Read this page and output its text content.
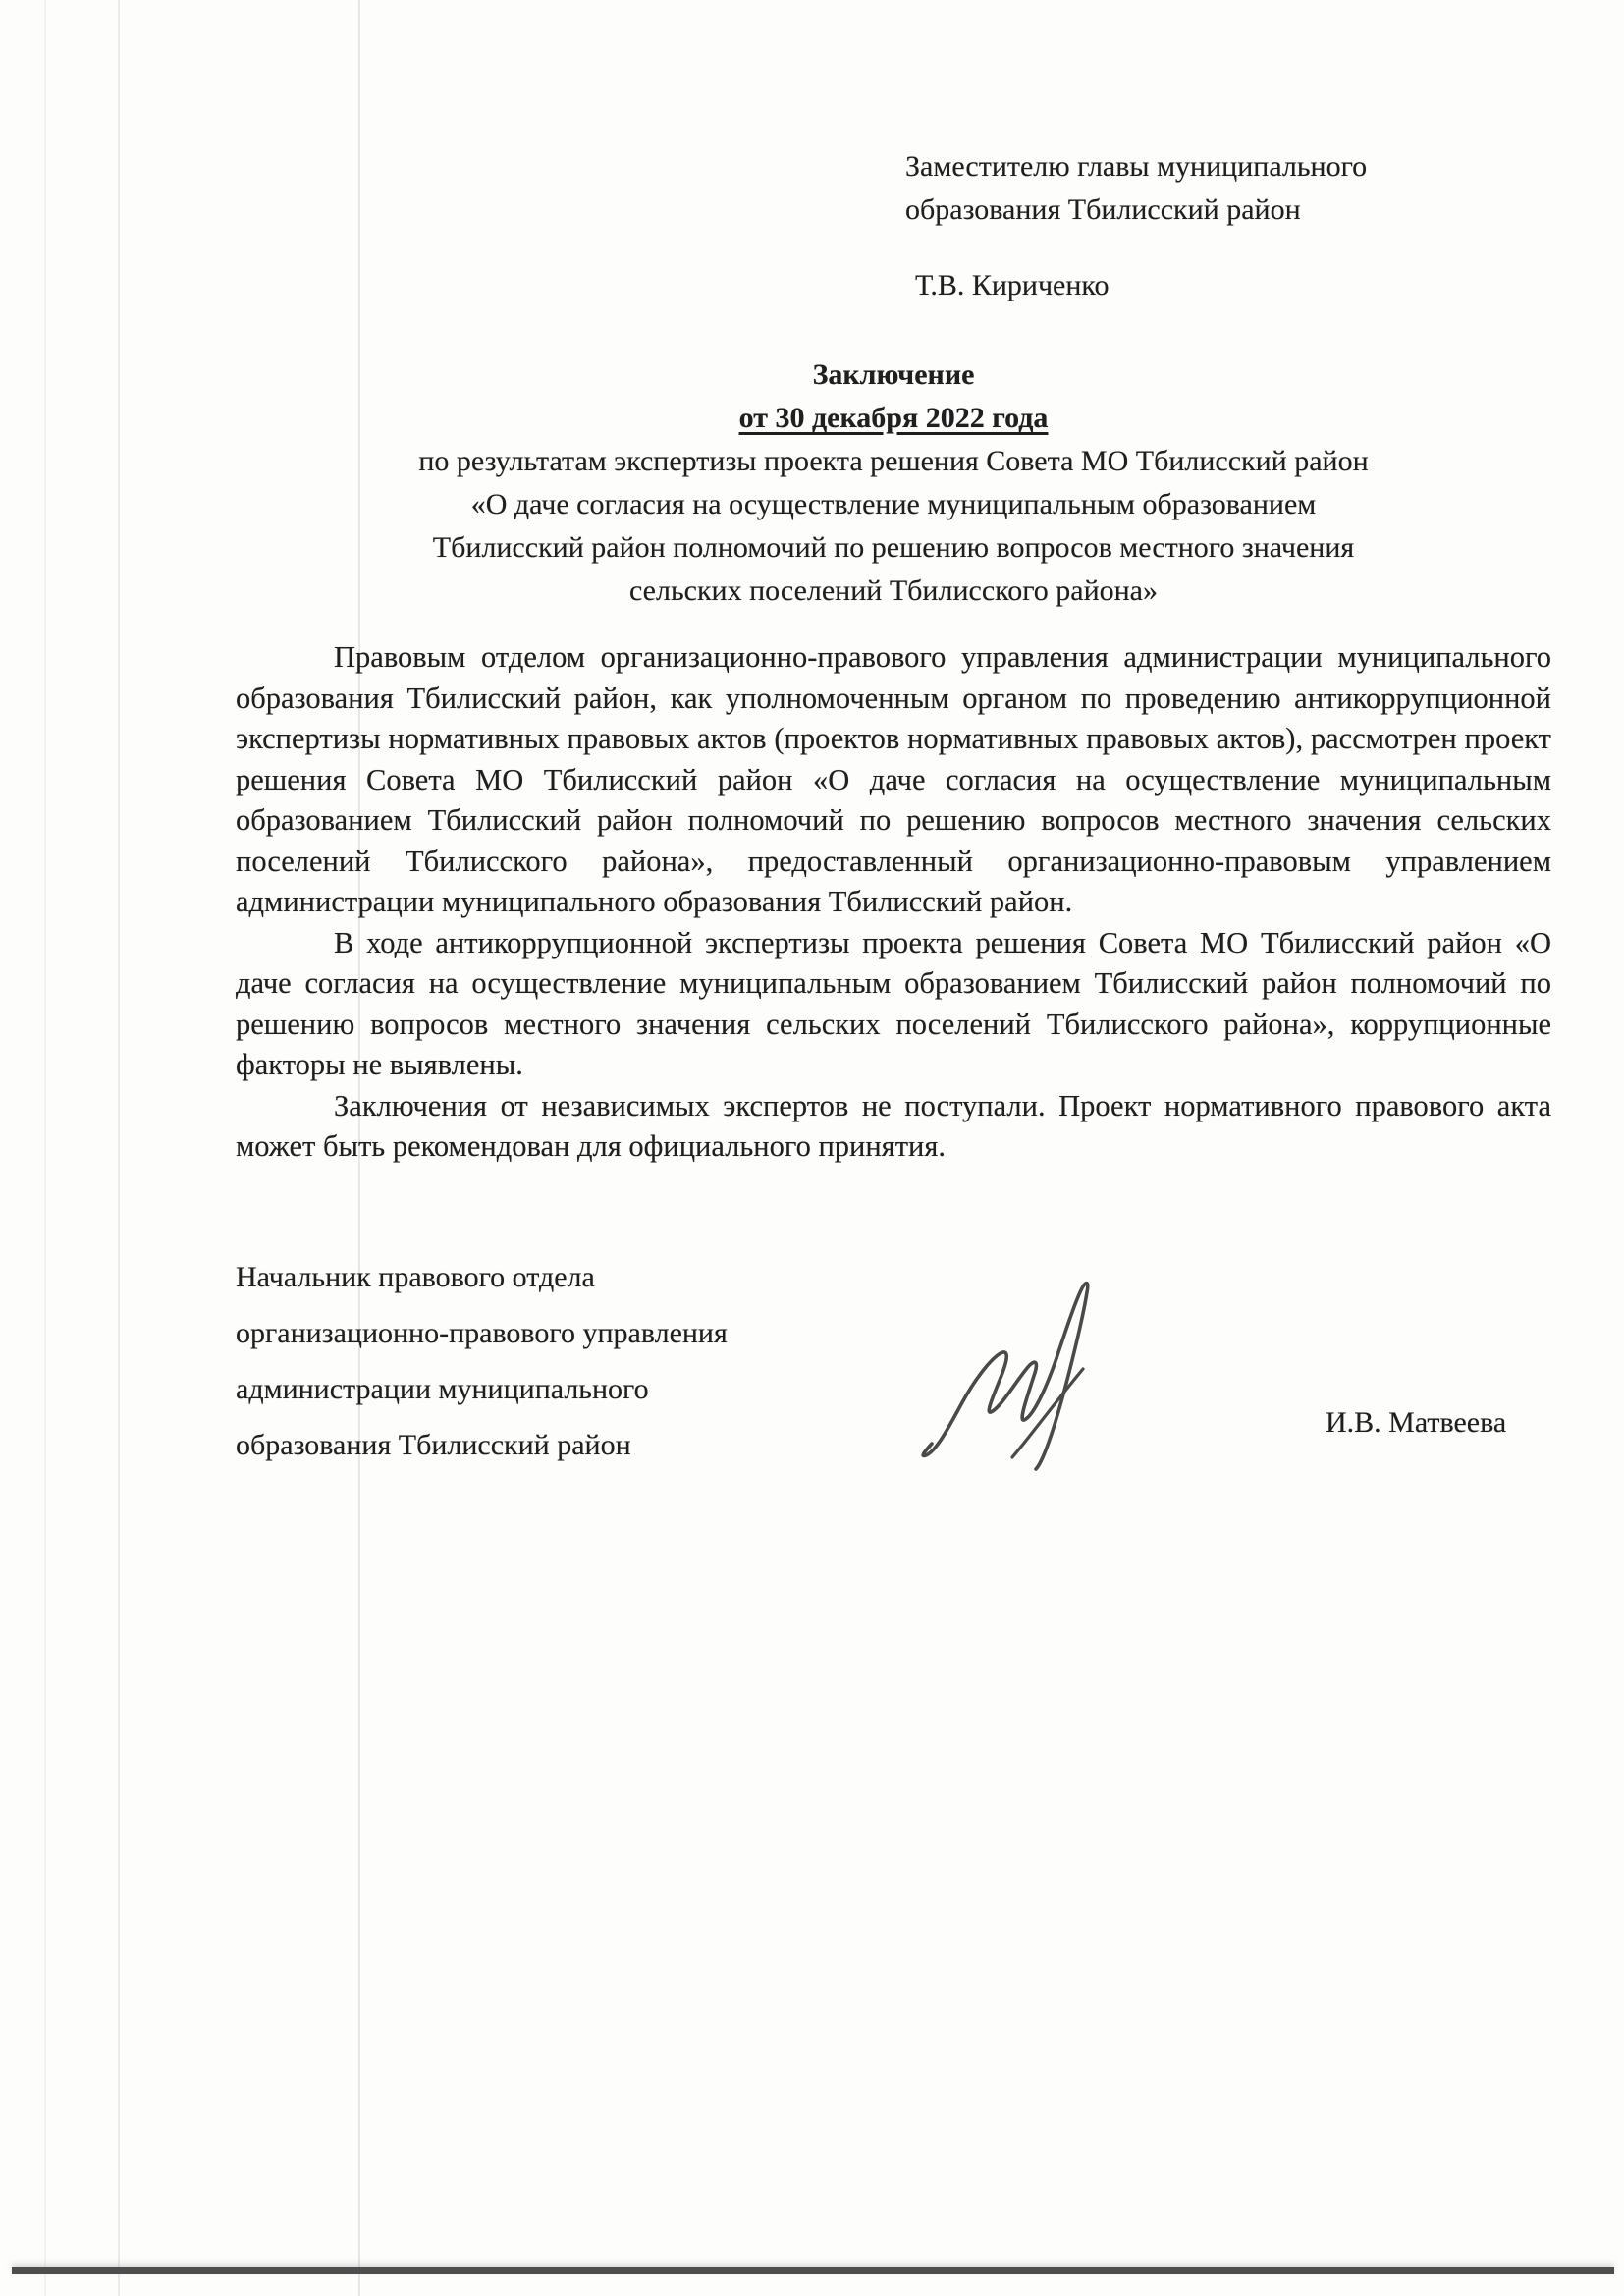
Заместителю главы муниципального
образования Тбилисский район
Т.В. Кириченко
Заключение
от 30 декабря 2022 года
по результатам экспертизы проекта решения Совета МО Тбилисский район
«О даче согласия на осуществление муниципальным образованием
Тбилисский район полномочий по решению вопросов местного значения
сельских поселений Тбилисского района»

Правовым отделом организационно-правового управления администрации муниципального образования Тбилисский район, как уполномоченным органом по проведению антикоррупционной экспертизы нормативных правовых актов (проектов нормативных правовых актов), рассмотрен проект решения Совета МО Тбилисский район «О даче согласия на осуществление муниципальным образованием Тбилисский район полномочий по решению вопросов местного значения сельских поселений Тбилисского района», предоставленный организационно-правовым управлением администрации муниципального образования Тбилисский район.

В ходе антикоррупционной экспертизы проекта решения Совета МО Тбилисский район «О даче согласия на осуществление муниципальным образованием Тбилисский район полномочий по решению вопросов местного значения сельских поселений Тбилисского района», коррупционные факторы не выявлены.

Заключения от независимых экспертов не поступали. Проект нормативного правового акта может быть рекомендован для официального принятия.

Начальник правового отдела
организационно-правового управления
администрации муниципального
образования Тбилисский район
И.В. Матвеева
